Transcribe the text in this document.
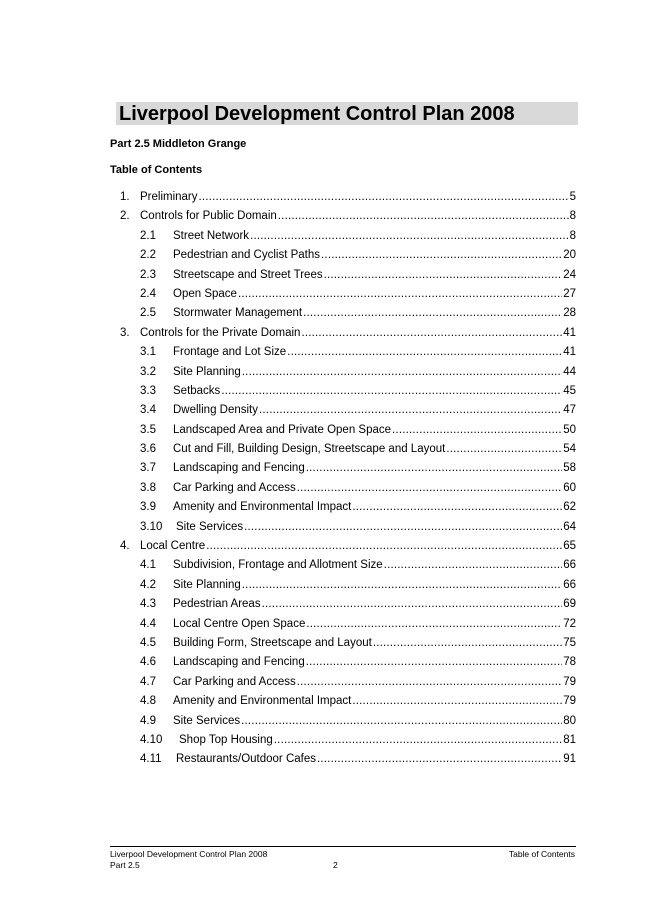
Liverpool Development Control Plan 2008
Part 2.5 Middleton Grange
Table of Contents
1. Preliminary .....	5
2. Controls for Public Domain .....	8
2.1 Street Network .....	8
2.2 Pedestrian and Cyclist Paths .....	20
2.3 Streetscape and Street Trees .....	24
2.4 Open Space .....	27
2.5 Stormwater Management .....	28
3. Controls for the Private Domain .....	41
3.1 Frontage and Lot Size .....	41
3.2 Site Planning .....	44
3.3 Setbacks .....	45
3.4 Dwelling Density .....	47
3.5 Landscaped Area and Private Open Space .....	50
3.6 Cut and Fill, Building Design, Streetscape and Layout .....	54
3.7 Landscaping and Fencing .....	58
3.8 Car Parking and Access .....	60
3.9 Amenity and Environmental Impact .....	62
3.10 Site Services .....	64
4. Local Centre .....	65
4.1 Subdivision, Frontage and Allotment Size .....	66
4.2 Site Planning .....	66
4.3 Pedestrian Areas .....	69
4.4 Local Centre Open Space .....	72
4.5 Building Form, Streetscape and Layout .....	75
4.6 Landscaping and Fencing .....	78
4.7 Car Parking and Access .....	79
4.8 Amenity and Environmental Impact .....	79
4.9 Site Services .....	80
4.10 Shop Top Housing .....	81
4.11 Restaurants/Outdoor Cafes .....	91
Liverpool Development Control Plan 2008
Part 2.5	2
Table of Contents
